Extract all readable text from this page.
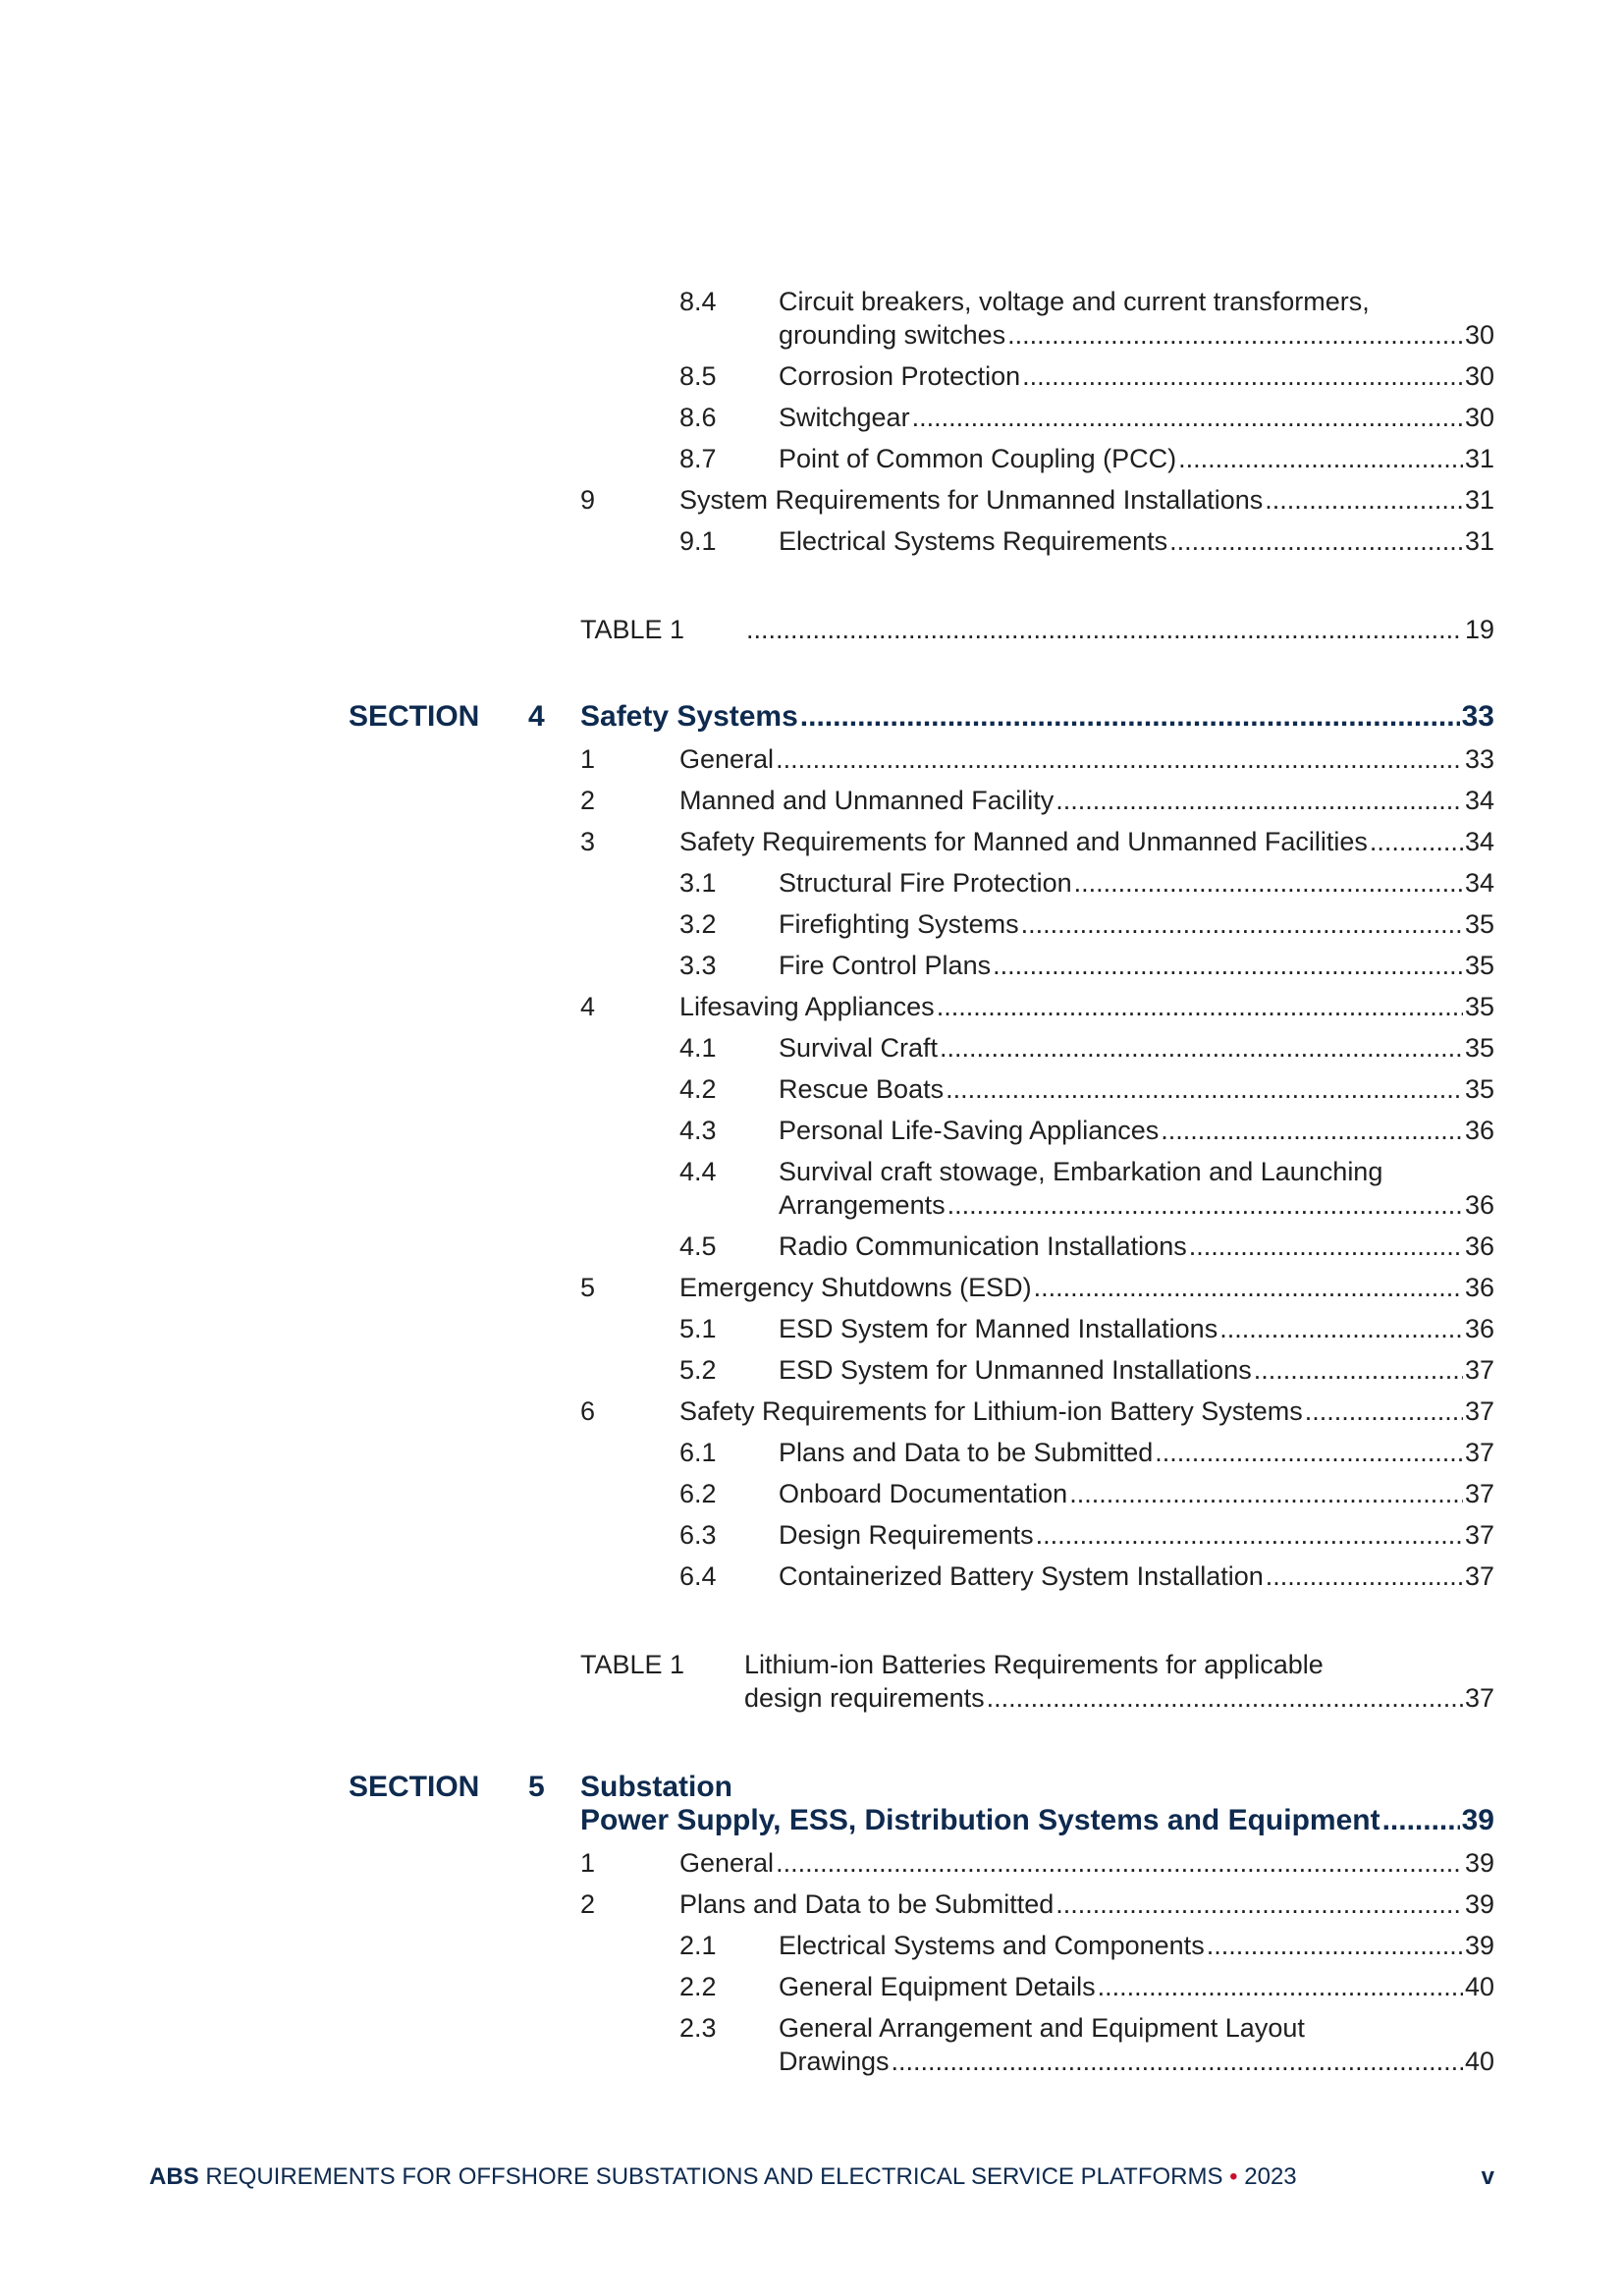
8.4 Circuit breakers, voltage and current transformers,
grounding switches .....	30
8.5 Corrosion Protection .....	30
8.6 Switchgear .....	30
8.7 Point of Common Coupling (PCC) .....	31
9	System Requirements for Unmanned Installations .....	31
9.1 Electrical Systems Requirements .....	31
TABLE 1 .....	19
SECTION 4 Safety Systems .....	33
1	General .....	33
2	Manned and Unmanned Facility .....	34
3	Safety Requirements for Manned and Unmanned Facilities .....	34
3.1 Structural Fire Protection .....	34
3.2 Firefighting Systems .....	35
3.3 Fire Control Plans .....	35
4	Lifesaving Appliances .....	35
4.1 Survival Craft .....	35
4.2 Rescue Boats .....	35
4.3 Personal Life-Saving Appliances .....	36
4.4 Survival craft stowage, Embarkation and Launching
Arrangements .....	36
4.5 Radio Communication Installations .....	36
5	Emergency Shutdowns (ESD) .....	36
5.1 ESD System for Manned Installations .....	36
5.2 ESD System for Unmanned Installations .....	37
6	Safety Requirements for Lithium-ion Battery Systems .....	37
6.1 Plans and Data to be Submitted .....	37
6.2 Onboard Documentation .....	37
6.3 Design Requirements .....	37
6.4 Containerized Battery System Installation .....	37
TABLE 1 Lithium-ion Batteries Requirements for applicable
design requirements .....	37
SECTION 5 Substation
Power Supply, ESS, Distribution Systems and Equipment .....	39
1	General .....	39
2	Plans and Data to be Submitted .....	39
2.1 Electrical Systems and Components .....	39
2.2 General Equipment Details .....	40
2.3 General Arrangement and Equipment Layout
Drawings .....	40
ABS REQUIREMENTS FOR OFFSHORE SUBSTATIONS AND ELECTRICAL SERVICE PLATFORMS • 2023	v
